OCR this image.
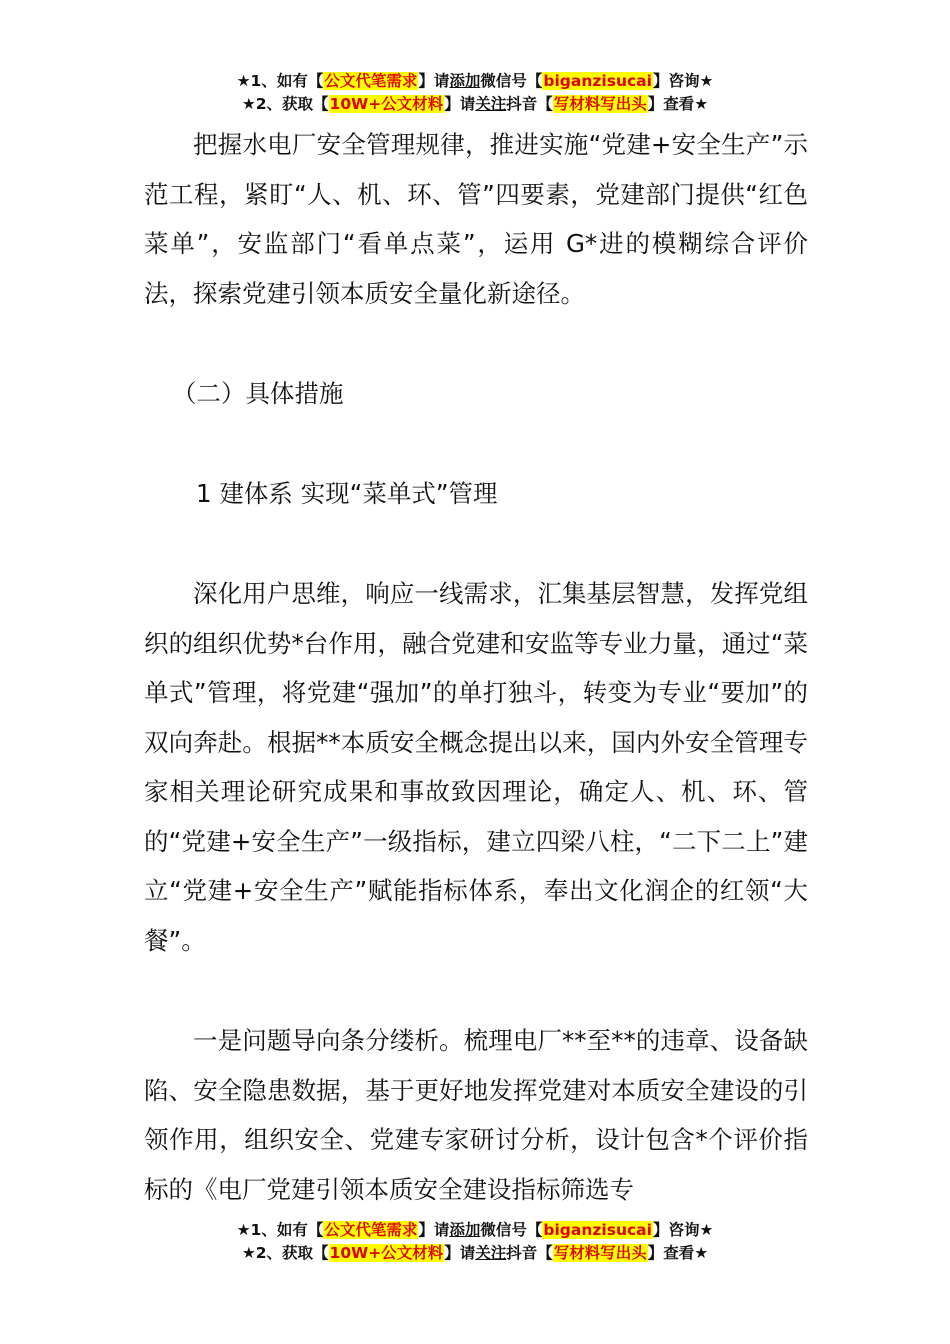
★1、如有【公文代笔需求】请添加微信号【biganzisucai】咨询★
★2、获取【10W+公文材料】请关注抖音【写材料写出头】查看★

把握水电厂安全管理规律，推进实施“党建+安全生产”示范工程，紧盯“人、机、环、管”四要素，党建部门提供“红色菜单”，安监部门“看单点菜”，运用 G*进的模糊综合评价法，探索党建引领本质安全量化新途径。

（二）具体措施

1 建体系 实现“菜单式”管理

深化用户思维，响应一线需求，汇集基层智慧，发挥党组织的组织优势*台作用，融合党建和安监等专业力量，通过“菜单式”管理，将党建“强加”的单打独斗，转变为专业“要加”的双向奔赴。根据**本质安全概念提出以来，国内外安全管理专家相关理论研究成果和事故致因理论，确定人、机、环、管的“党建+安全生产”一级指标，建立四梁八柱，“二下二上”建立“党建+安全生产”赋能指标体系，奉出文化润企的红领“大餐”。

一是问题导向条分缕析。梳理电厂**至**的违章、设备缺陷、安全隐患数据，基于更好地发挥党建对本质安全建设的引领作用，组织安全、党建专家研讨分析，设计包含*个评价指标的《电厂党建引领本质安全建设指标筛选专

★1、如有【公文代笔需求】请添加微信号【biganzisucai】咨询★
★2、获取【10W+公文材料】请关注抖音【写材料写出头】查看★
